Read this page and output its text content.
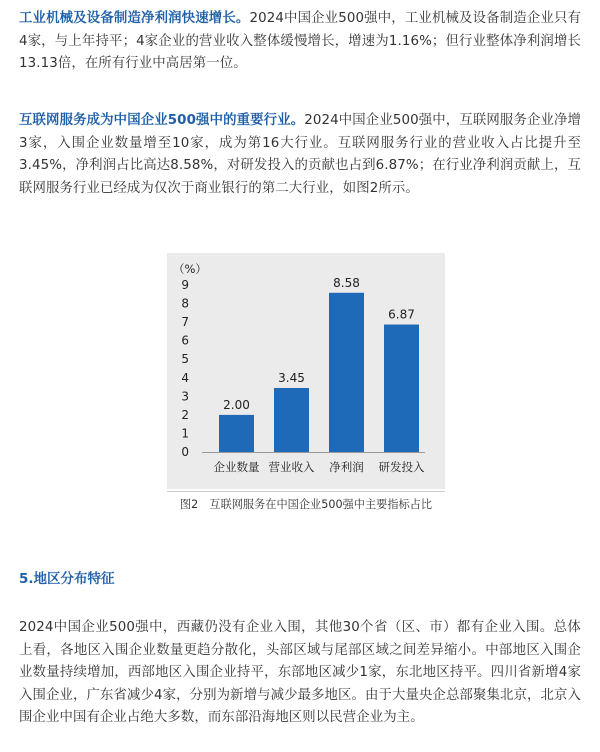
工业机械及设备制造净利润快速增长。2024中国企业500强中，工业机械及设备制造企业只有4家，与上年持平；4家企业的营业收入整体缓慢增长，增速为1.16%；但行业整体净利润增长13.13倍，在所有行业中高居第一位。

互联网服务成为中国企业500强中的重要行业。2024中国企业500强中，互联网服务企业净增3家，入围企业数量增至10家，成为第16大行业。互联网服务行业的营业收入占比提升至3.45%，净利润占比高达8.58%，对研发投入的贡献也占到6.87%；在行业净利润贡献上，互联网服务行业已经成为仅次于商业银行的第二大行业，如图2所示。

（%）
0
1
2
3
4
5
6
7
8
9
2.00
企业数量
3.45
营业收入
8.58
净利润
6.87
研发投入
图2　互联网服务在中国企业500强中主要指标占比
5.地区分布特征

2024中国企业500强中，西藏仍没有企业入围，其他30个省（区、市）都有企业入围。总体上看，各地区入围企业数量更趋分散化，头部区域与尾部区域之间差异缩小。中部地区入围企业数量持续增加，西部地区入围企业持平，东部地区减少1家，东北地区持平。四川省新增4家入围企业，广东省减少4家，分别为新增与减少最多地区。由于大量央企总部聚集北京，北京入围企业中国有企业占绝大多数，而东部沿海地区则以民营企业为主。
